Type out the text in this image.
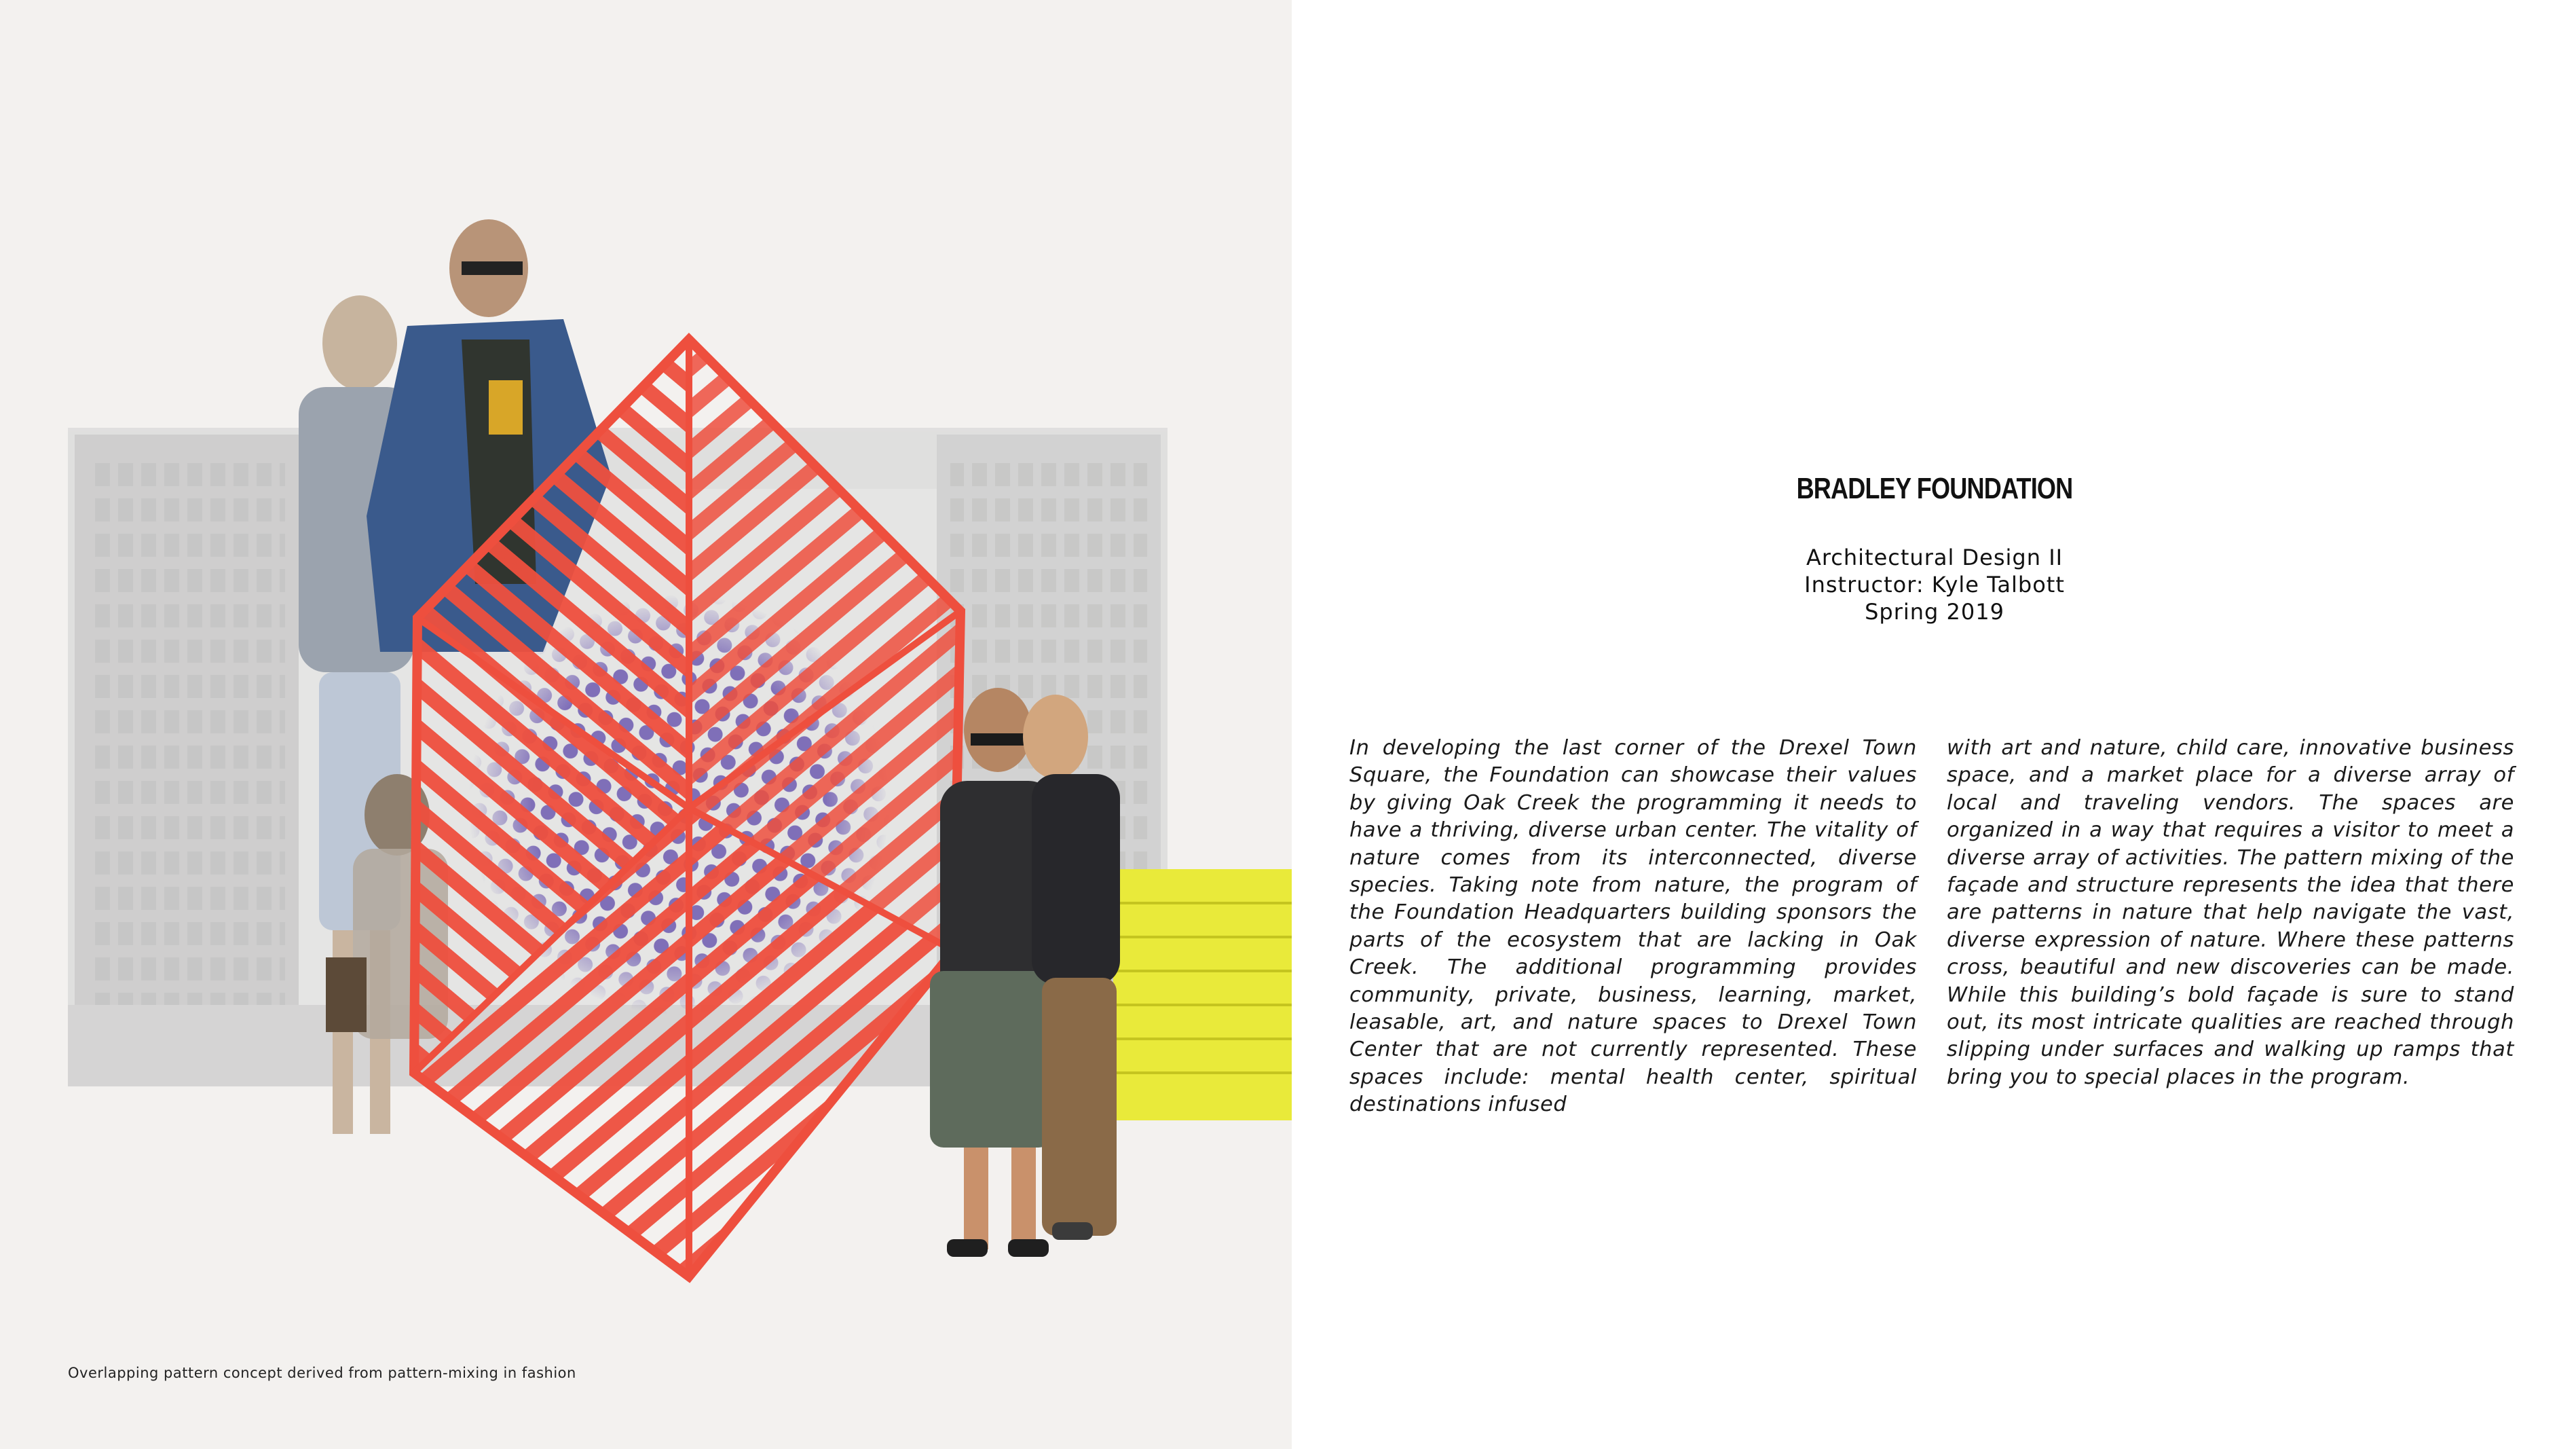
Overlapping pattern concept derived from pattern-mixing in fashion
BRADLEY FOUNDATION
Architectural Design II
Instructor: Kyle Talbott
Spring 2019
In developing the last corner of the Drexel Town Square, the Foundation can showcase their values by giving Oak Creek the programming it needs to have a thriving, diverse urban center. The vitality of nature comes from its interconnected, diverse species. Taking note from nature, the program of the Foundation Headquarters building sponsors the parts of the ecosystem that are lacking in Oak Creek. The additional programming provides community, private, business, learning, market, leasable, art, and nature spaces to Drexel Town Center that are not currently represented. These spaces include: mental health center, spiritual destinations infused
with art and nature, child care, innovative business space, and a market place for a diverse array of local and traveling vendors. The spaces are organized in a way that requires a visitor to meet a diverse array of activities. The pattern mixing of the façade and structure represents the idea that there are patterns in nature that help navigate the vast, diverse expression of nature. Where these patterns cross, beautiful and new discoveries can be made. While this building’s bold façade is sure to stand out, its most intricate qualities are reached through slipping under surfaces and walking up ramps that bring you to special places in the program.
